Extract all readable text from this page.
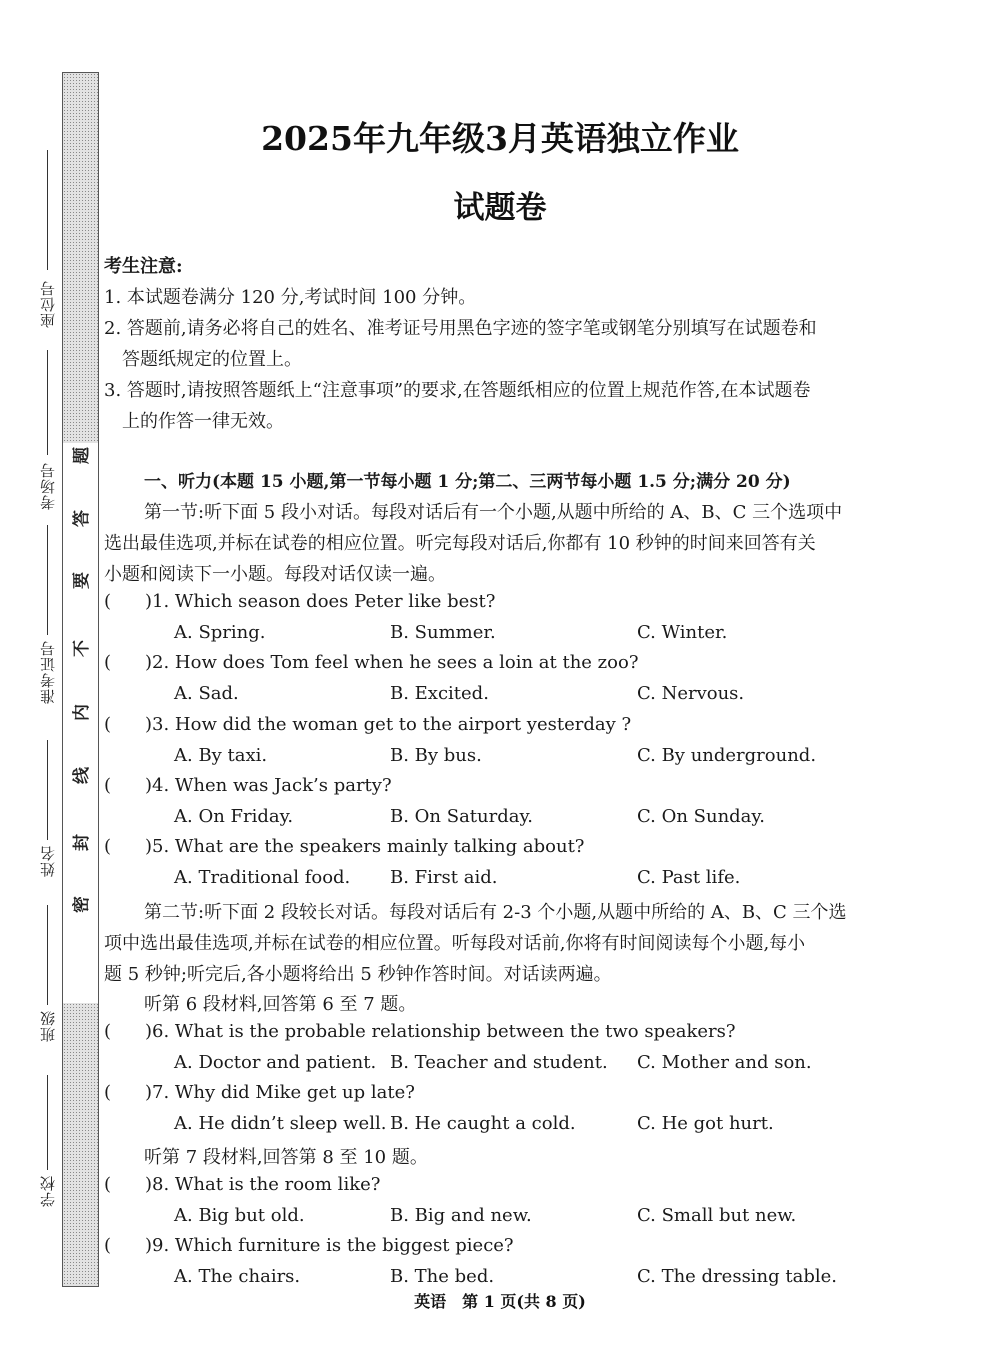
题
答
要
不
内
线
封
密
座位号
考场号
准考证号
姓名
班级
学校
2025年九年级3月英语独立作业
试题卷
考生注意:
1. 本试题卷满分 120 分,考试时间 100 分钟。
2. 答题前,请务必将自己的姓名、准考证号用黑色字迹的签字笔或钢笔分别填写在试题卷和
答题纸规定的位置上。
3. 答题时,请按照答题纸上“注意事项”的要求,在答题纸相应的位置上规范作答,在本试题卷
上的作答一律无效。
一、听力(本题 15 小题,第一节每小题 1 分;第二、三两节每小题 1.5 分;满分 20 分)
第一节:听下面 5 段小对话。每段对话后有一个小题,从题中所给的 A、B、C 三个选项中
选出最佳选项,并标在试卷的相应位置。听完每段对话后,你都有 10 秒钟的时间来回答有关
小题和阅读下一小题。每段对话仅读一遍。
( )1. Which season does Peter like best?
A. Spring.	B. Summer.	C. Winter.
( )2. How does Tom feel when he sees a loin at the zoo?
A. Sad.	B. Excited.	C. Nervous.
( )3. How did the woman get to the airport yesterday ?
A. By taxi.	B. By bus.	C. By underground.
( )4. When was Jack’s party?
A. On Friday.	B. On Saturday.	C. On Sunday.
( )5. What are the speakers mainly talking about?
A. Traditional food. B. First aid.	C. Past life.
第二节:听下面 2 段较长对话。每段对话后有 2-3 个小题,从题中所给的 A、B、C 三个选
项中选出最佳选项,并标在试卷的相应位置。听每段对话前,你将有时间阅读每个小题,每小
题 5 秒钟;听完后,各小题将给出 5 秒钟作答时间。对话读两遍。
听第 6 段材料,回答第 6 至 7 题。
( )6. What is the probable relationship between the two speakers?
A. Doctor and patient. B. Teacher and student. C. Mother and son.
( )7. Why did Mike get up late?
A. He didn’t sleep well. B. He caught a cold.	C. He got hurt.
听第 7 段材料,回答第 8 至 10 题。
( )8. What is the room like?
A. Big but old.	B. Big and new.	C. Small but new.
( )9. Which furniture is the biggest piece?
A. The chairs.	B. The bed.	C. The dressing table.
英语　第 1 页(共 8 页)
